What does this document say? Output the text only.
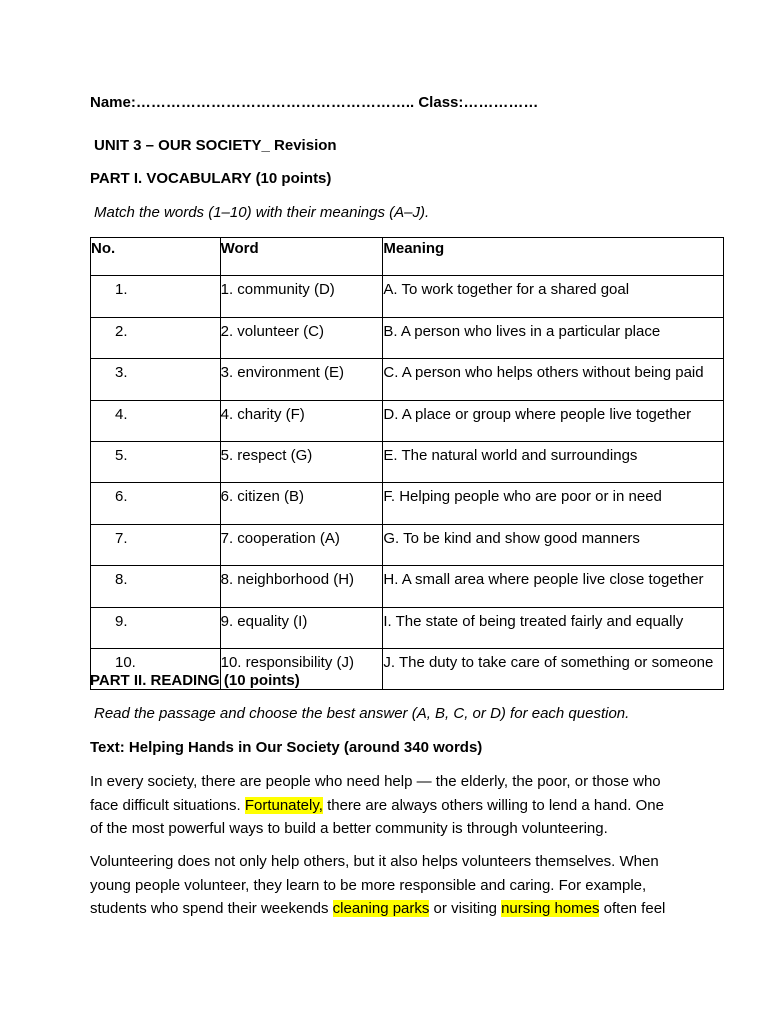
Name:……………………………………………….. Class:……………
UNIT 3 – OUR SOCIETY_ Revision
PART I. VOCABULARY (10 points)
Match the words (1–10) with their meanings (A–J).
No.	Word	Meaning
1.	1. community (D)	A. To work together for a shared goal
2.	2. volunteer (C)	B. A person who lives in a particular place
3.	3. environment (E)	C. A person who helps others without being paid
4.	4. charity (F)	D. A place or group where people live together
5.	5. respect (G)	E. The natural world and surroundings
6.	6. citizen (B)	F. Helping people who are poor or in need
7.	7. cooperation (A)	G. To be kind and show good manners
8.	8. neighborhood (H)	H. A small area where people live close together
9.	9. equality (I)	I. The state of being treated fairly and equally
10.	10. responsibility (J)	J. The duty to take care of something or someone
PART II. READING (10 points)
Read the passage and choose the best answer (A, B, C, or D) for each question.
Text: Helping Hands in Our Society (around 340 words)
In every society, there are people who need help — the elderly, the poor, or those who
face difficult situations. Fortunately, there are always others willing to lend a hand. One
of the most powerful ways to build a better community is through volunteering.
Volunteering does not only help others, but it also helps volunteers themselves. When
young people volunteer, they learn to be more responsible and caring. For example,
students who spend their weekends cleaning parks or visiting nursing homes often feel
